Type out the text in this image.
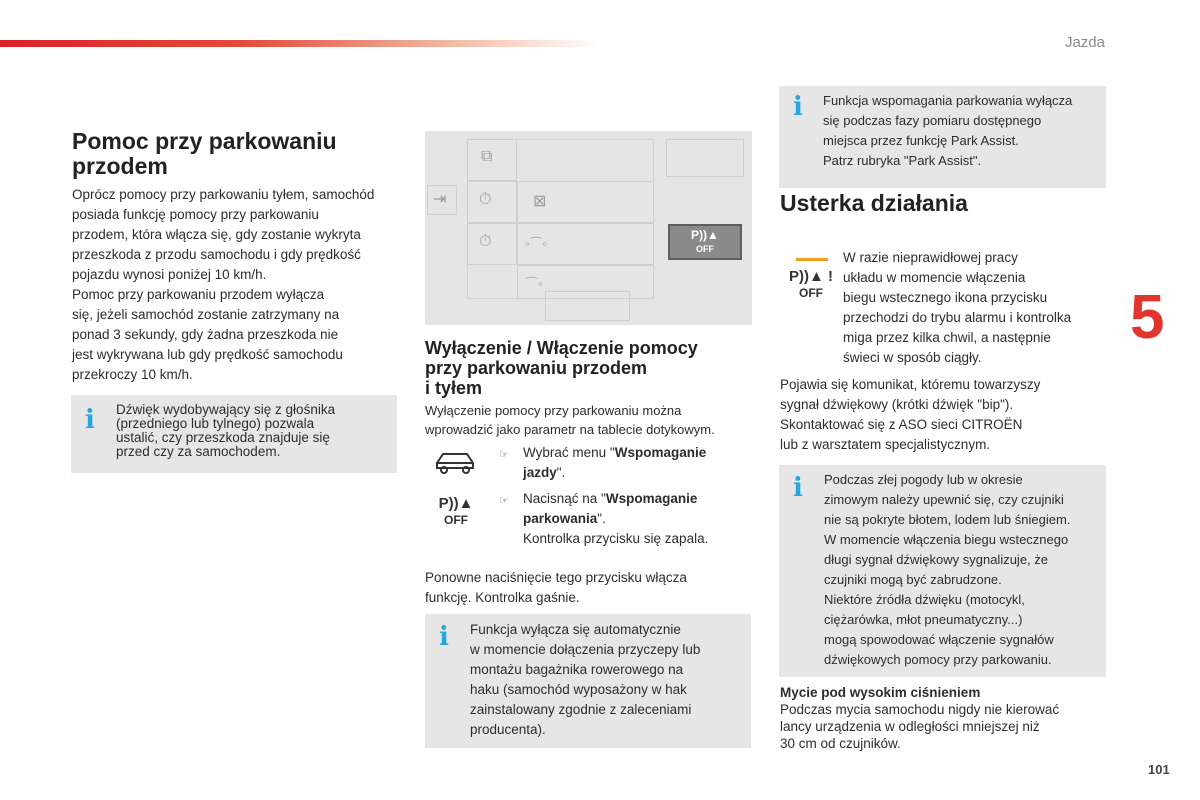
Jazda
5
101
Pomoc przy parkowaniu
przodem
Oprócz pomocy przy parkowaniu tyłem, samochód
posiada funkcję pomocy przy parkowaniu
przodem, która włącza się, gdy zostanie wykryta
przeszkoda z przodu samochodu i gdy prędkość
pojazdu wynosi poniżej 10 km/h.
Pomoc przy parkowaniu przodem wyłącza
się, jeżeli samochód zostanie zatrzymany na
ponad 3 sekundy, gdy żadna przeszkoda nie
jest wykrywana lub gdy prędkość samochodu
przekroczy 10 km/h.
i Dźwięk wydobywający się z głośnika
(przedniego lub tylnego) pozwala
ustalić, czy przeszkoda znajduje się
przed czy za samochodem.
⧉
⇥ ⏱
⏱
⊠
◦⌒◦
⌒◦
P))▲
OFF
Wyłączenie / Włączenie pomocy
przy parkowaniu przodem
i tyłem
Wyłączenie pomocy przy parkowaniu można
wprowadzić jako parametr na tablecie dotykowym.
☞ Wybrać menu "Wspomaganie
jazdy".
P))▲
OFF
☞ Nacisnąć na "Wspomaganie
parkowania".
Kontrolka przycisku się zapala.
Ponowne naciśnięcie tego przycisku włącza
funkcję. Kontrolka gaśnie.
i Funkcja wyłącza się automatycznie
w momencie dołączenia przyczepy lub
montażu bagażnika rowerowego na
haku (samochód wyposażony w hak
zainstalowany zgodnie z zaleceniami
producenta).
i Funkcja wspomagania parkowania wyłącza
się podczas fazy pomiaru dostępnego
miejsca przez funkcję Park Assist.
Patrz rubryka "Park Assist".
Usterka działania
P))▲ !
OFF
W razie nieprawidłowej pracy
układu w momencie włączenia
biegu wstecznego ikona przycisku
przechodzi do trybu alarmu i kontrolka
miga przez kilka chwil, a następnie
świeci w sposób ciągły.
Pojawia się komunikat, któremu towarzyszy
sygnał dźwiękowy (krótki dźwięk "bip").
Skontaktować się z ASO sieci CITROËN
lub z warsztatem specjalistycznym.
i Podczas złej pogody lub w okresie
zimowym należy upewnić się, czy czujniki
nie są pokryte błotem, lodem lub śniegiem.
W momencie włączenia biegu wstecznego
długi sygnał dźwiękowy sygnalizuje, że
czujniki mogą być zabrudzone.
Niektóre źródła dźwięku (motocykl,
ciężarówka, młot pneumatyczny...)
mogą spowodować włączenie sygnałów
dźwiękowych pomocy przy parkowaniu.
Mycie pod wysokim ciśnieniem
Podczas mycia samochodu nigdy nie kierować
lancy urządzenia w odległości mniejszej niż
30 cm od czujników.
